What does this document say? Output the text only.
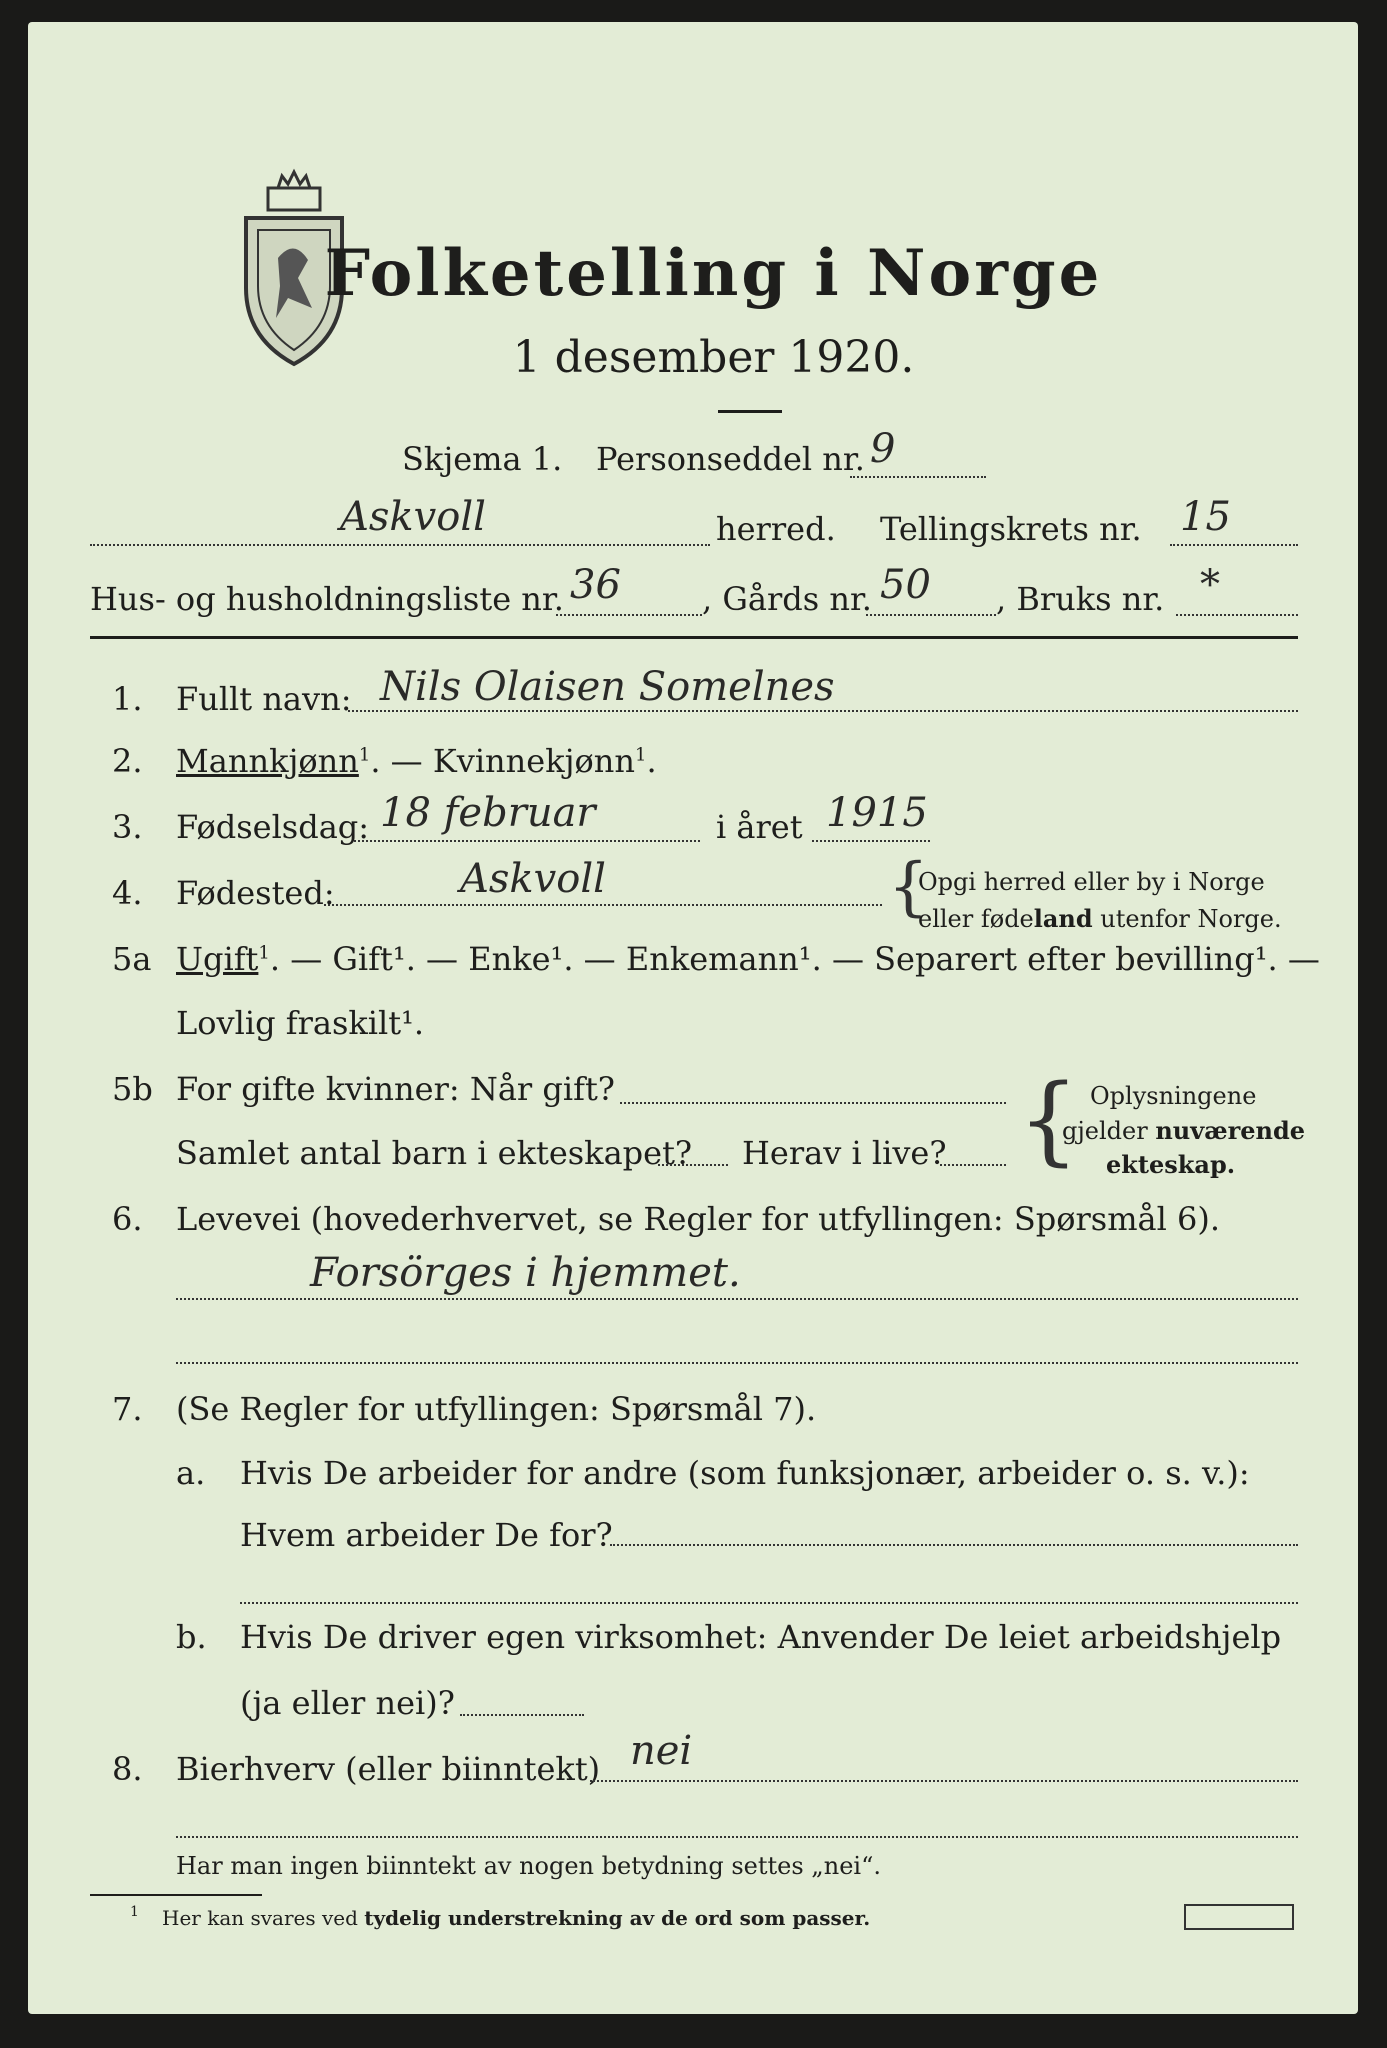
Folketelling i Norge
1 desember 1920.
Skjema 1. Personseddel nr. 9
Askvoll	herred. Tellingskrets nr. 15
Hus- og husholdningsliste nr. 36	, Gårds nr. 50 , Bruks nr. *
1. Fullt navn: Nils Olaisen Somelnes
2. Mannkjønn$^1$. — Kvinnekjønn$^1$.
3. Fødselsdag: 18 februar	i året 1915
4. Fødested:	Askvoll	{
Opgi herred eller by i Norge
eller fødeland utenfor Norge.
5a Ugift$^1$. — Gift¹. — Enke¹. — Enkemann¹. — Separert efter bevilling¹. —
Lovlig fraskilt¹.
5b For gifte kvinner: Når gift?
Samlet antal barn i ekteskapet? Herav i live? { Oplysningene
gjelder nuværende
ekteskap.
6. Levevei (hovederhvervet, se Regler for utfyllingen: Spørsmål 6).
Forsörges i hjemmet.
7. (Se Regler for utfyllingen: Spørsmål 7).
a. Hvis De arbeider for andre (som funksjonær, arbeider o. s. v.):
Hvem arbeider De for?
b. Hvis De driver egen virksomhet: Anvender De leiet arbeidshjelp
(ja eller nei)?
8. Bierhverv (eller biinntekt) nei
Har man ingen biinntekt av nogen betydning settes „nei“.
1 Her kan svares ved tydelig understrekning av de ord som passer.
